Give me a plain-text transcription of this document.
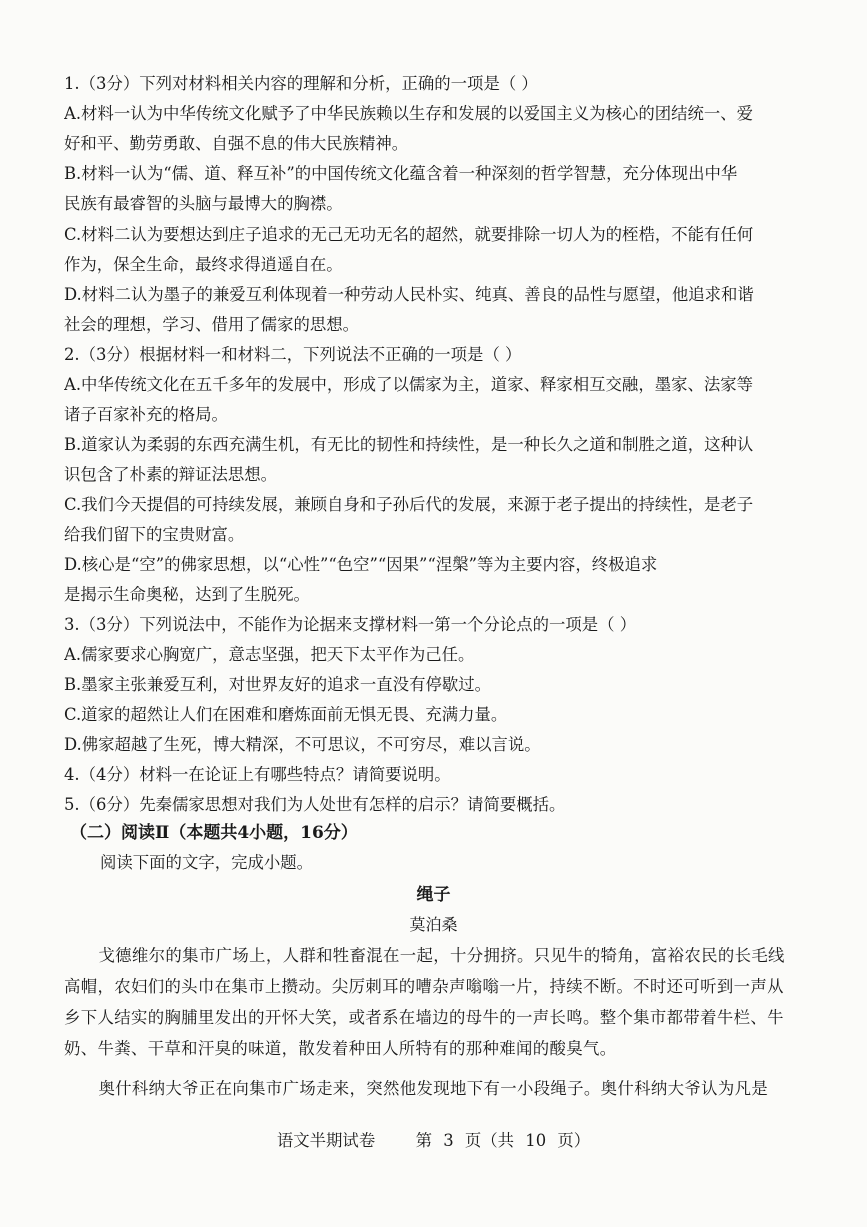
1.（3分）下列对材料相关内容的理解和分析，正确的一项是（ ）
A.材料一认为中华传统文化赋予了中华民族赖以生存和发展的以爱国主义为核心的团结统一、爱
好和平、勤劳勇敢、自强不息的伟大民族精神。
B.材料一认为“儒、道、释互补”的中国传统文化蕴含着一种深刻的哲学智慧，充分体现出中华
民族有最睿智的头脑与最博大的胸襟。
C.材料二认为要想达到庄子追求的无己无功无名的超然，就要排除一切人为的桎梏，不能有任何
作为，保全生命，最终求得逍遥自在。
D.材料二认为墨子的兼爱互利体现着一种劳动人民朴实、纯真、善良的品性与愿望，他追求和谐
社会的理想，学习、借用了儒家的思想。
2.（3分）根据材料一和材料二，下列说法不正确的一项是（ ）
A.中华传统文化在五千多年的发展中，形成了以儒家为主，道家、释家相互交融，墨家、法家等
诸子百家补充的格局。
B.道家认为柔弱的东西充满生机，有无比的韧性和持续性，是一种长久之道和制胜之道，这种认
识包含了朴素的辩证法思想。
C.我们今天提倡的可持续发展，兼顾自身和子孙后代的发展，来源于老子提出的持续性，是老子
给我们留下的宝贵财富。
D.核心是“空”的佛家思想，以“心性”“色空”“因果”“涅槃”等为主要内容，终极追求
是揭示生命奥秘，达到了生脱死。
3.（3分）下列说法中，不能作为论据来支撑材料一第一个分论点的一项是（ ）
A.儒家要求心胸宽广，意志坚强，把天下太平作为己任。
B.墨家主张兼爱互利，对世界友好的追求一直没有停歇过。
C.道家的超然让人们在困难和磨炼面前无惧无畏、充满力量。
D.佛家超越了生死，博大精深，不可思议，不可穷尽，难以言说。
4.（4分）材料一在论证上有哪些特点？请简要说明。
5.（6分）先秦儒家思想对我们为人处世有怎样的启示？请简要概括。
（二）阅读Ⅱ（本题共4小题，16分）
阅读下面的文字，完成小题。
绳子
莫泊桑
戈德维尔的集市广场上，人群和牲畜混在一起，十分拥挤。只见牛的犄角，富裕农民的长毛线高帽，农妇们的头巾在集市上攒动。尖厉刺耳的嘈杂声嗡嗡一片，持续不断。不时还可听到一声从乡下人结实的胸脯里发出的开怀大笑，或者系在墙边的母牛的一声长鸣。整个集市都带着牛栏、牛奶、牛粪、干草和汗臭的味道，散发着种田人所特有的那种难闻的酸臭气。
奥什科纳大爷正在向集市广场走来，突然他发现地下有一小段绳子。奥什科纳大爷认为凡是
语文半期试卷 第 3 页（共 10 页）
